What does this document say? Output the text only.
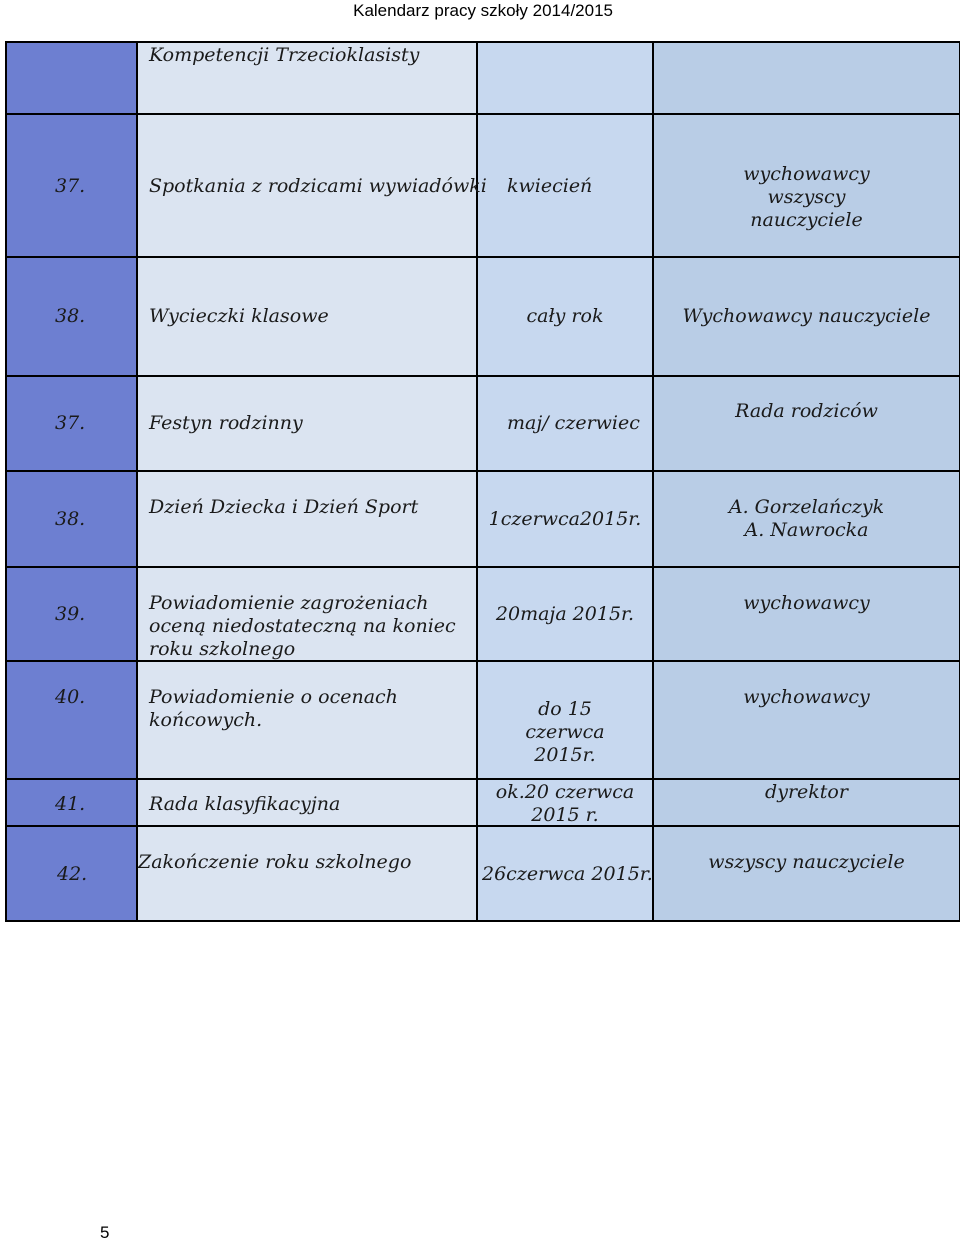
Kalendarz pracy szkoły 2014/2015

	Kompetencji Trzecioklasisty		

37.	Spotkania z rodzicami wywiadówki	kwiecień	wychowawcy wszyscy nauczyciele

38.	Wycieczki klasowe	cały rok	Wychowawcy nauczyciele

37.	Festyn rodzinny	maj/ czerwiec	Rada rodziców

38.	Dzień Dziecka i Dzień Sport	1czerwca2015r.	A. Gorzelańczyk A. Nawrocka

39.	Powiadomienie zagrożeniach oceną niedostateczną na koniec roku szkolnego	20maja 2015r.	wychowawcy

40.	Powiadomienie o ocenach końcowych.	do 15 czerwca 2015r.	wychowawcy

41.	Rada klasyfikacyjna	ok.20 czerwca 2015 r.	dyrektor

42.	Zakończenie roku szkolnego	26czerwca 2015r.	wszyscy nauczyciele
5
